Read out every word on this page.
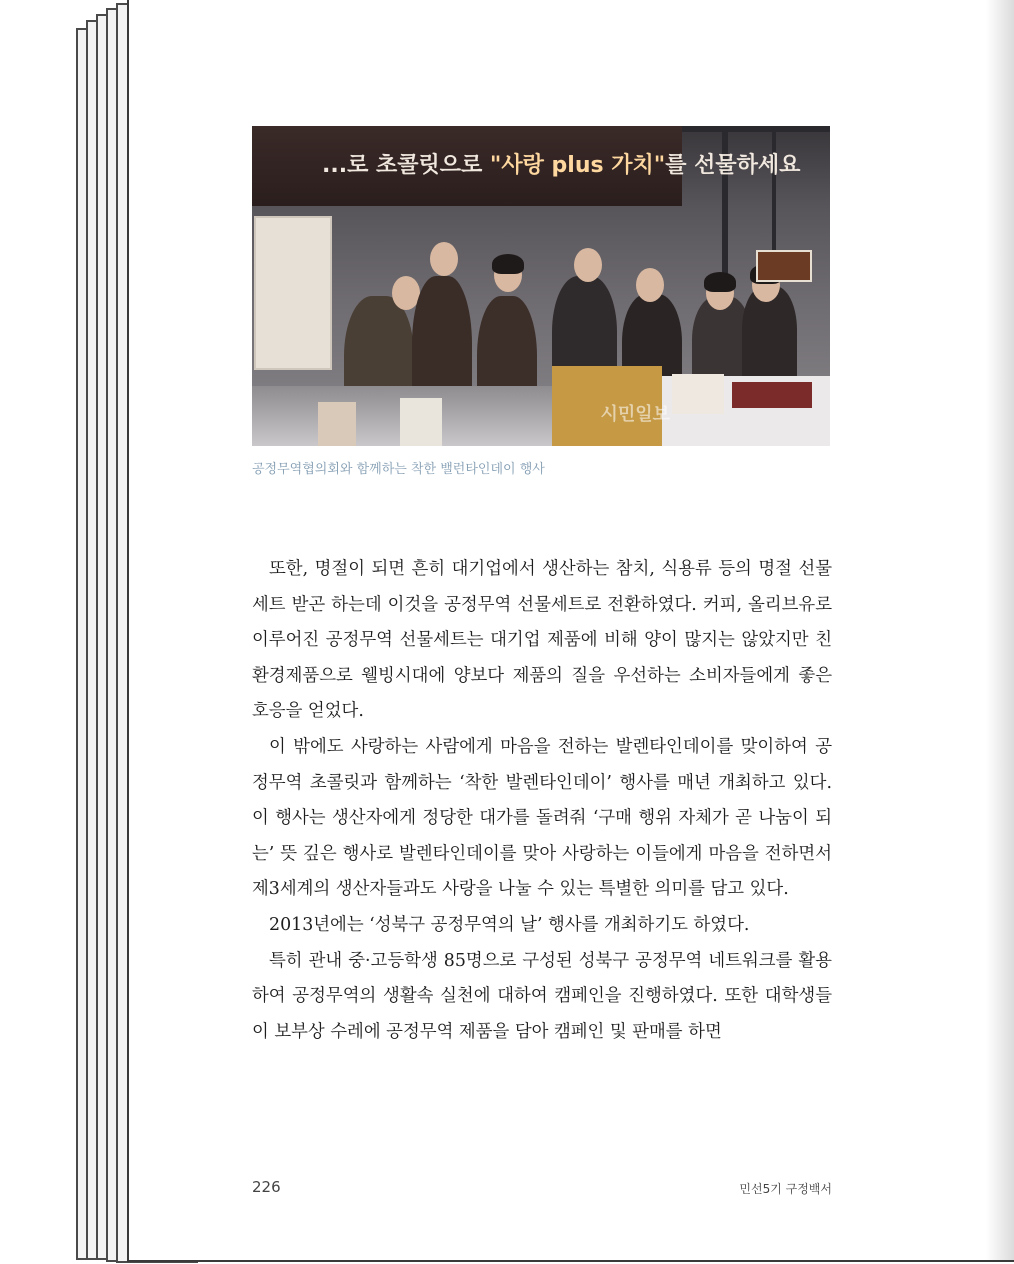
...로 초콜릿으로 "사랑 plus 가치"를 선물하세요
시민일보
공정무역협의회와 함께하는 착한 밸런타인데이 행사

또한, 명절이 되면 흔히 대기업에서 생산하는 참치, 식용류 등의 명절 선물세트 받곤 하는데 이것을 공정무역 선물세트로 전환하였다. 커피, 올리브유로 이루어진 공정무역 선물세트는 대기업 제품에 비해 양이 많지는 않았지만 친환경제품으로 웰빙시대에 양보다 제품의 질을 우선하는 소비자들에게 좋은 호응을 얻었다.

이 밖에도 사랑하는 사람에게 마음을 전하는 발렌타인데이를 맞이하여 공정무역 초콜릿과 함께하는 ‘착한 발렌타인데이’ 행사를 매년 개최하고 있다. 이 행사는 생산자에게 정당한 대가를 돌려줘 ‘구매 행위 자체가 곧 나눔이 되는’ 뜻 깊은 행사로 발렌타인데이를 맞아 사랑하는 이들에게 마음을 전하면서 제3세계의 생산자들과도 사랑을 나눌 수 있는 특별한 의미를 담고 있다.

2013년에는 ‘성북구 공정무역의 날’ 행사를 개최하기도 하였다.

특히 관내 중·고등학생 85명으로 구성된 성북구 공정무역 네트워크를 활용하여 공정무역의 생활속 실천에 대하여 캠페인을 진행하였다. 또한 대학생들이 보부상 수레에 공정무역 제품을 담아 캠페인 및 판매를 하면

226	민선5기 구정백서
